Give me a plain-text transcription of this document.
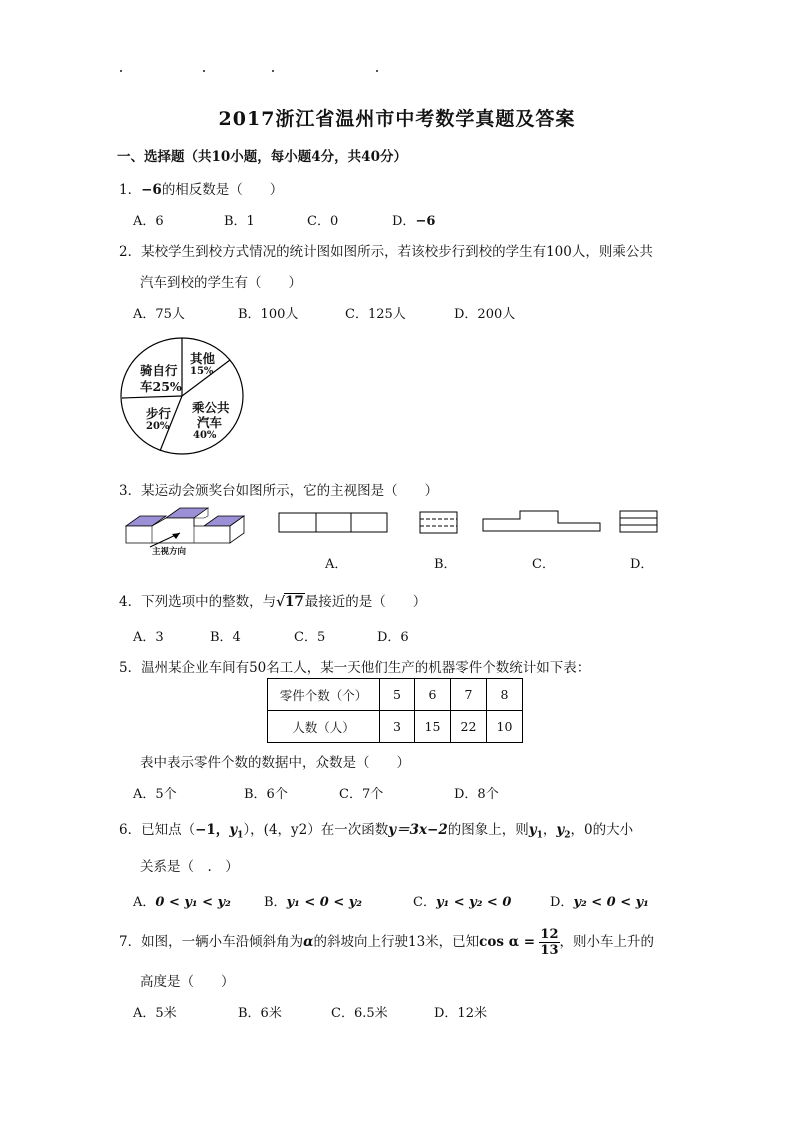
2017浙江省温州市中考数学真题及答案
一、选择题（共10小题，每小题4分，共40分）
1．−6的相反数是（　　）
A．6	B．1	C．0	D．−6
2．某校学生到校方式情况的统计图如图所示，若该校步行到校的学生有100人，则乘公共
汽车到校的学生有（　　）
A．75人	B．100人	C．125人	D．200人
其他
15%
骑自行
车25%
步行
20%
乘公共
汽车
40%
3．某运动会颁奖台如图所示，它的主视图是（　　）
主视方向
A．	B．	C．	D．
4．下列选项中的整数，与√17最接近的是（　　）
A．3	B．4	C．5	D．6
5．温州某企业车间有50名工人，某一天他们生产的机器零件个数统计如下表：
零件个数（个）	5	6	7	8
人数（人）	3	15	22	10
表中表示零件个数的数据中，众数是（　　）
A．5个	B．6个	C．7个	D．8个
6．已知点（−1，$y_1$），(4，y2）在一次函数y＝3x−2的图象上，则$y_1$，$y_2$，0的大小
关系是（　.　）
A．0 < y₁ < y₂	B．y₁ < 0 < y₂	C．y₁ < y₂ < 0	D．y₂ < 0 < y₁
7．如图，一辆小车沿倾斜角为α的斜坡向上行驶13米，已知$\cos \alpha = \frac{12}{13}$ ，则小车上升的
高度是（　　）
A．5米	B．6米	C．6.5米	D．12米
